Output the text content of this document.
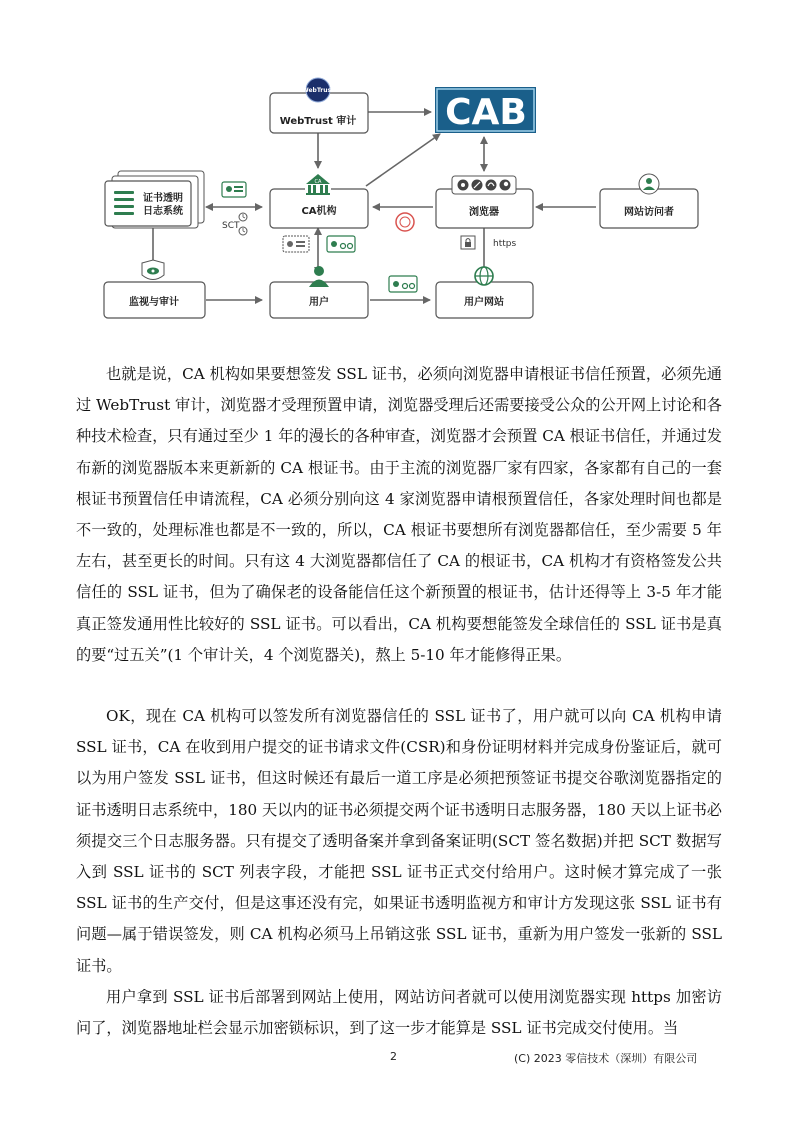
WebTrust
WebTrust 审计 CAB
CA
CA机构	浏览器	网站访问者
证书透明
日志系统
SCT
https
监视与审计	用户	用户网站

也就是说，CA 机构如果要想签发 SSL 证书，必须向浏览器申请根证书信任预置，必须先通过 WebTrust 审计，浏览器才受理预置申请，浏览器受理后还需要接受公众的公开网上讨论和各种技术检查，只有通过至少 1 年的漫长的各种审查，浏览器才会预置 CA 根证书信任，并通过发布新的浏览器版本来更新新的 CA 根证书。由于主流的浏览器厂家有四家，各家都有自己的一套根证书预置信任申请流程，CA 必须分别向这 4 家浏览器申请根预置信任，各家处理时间也都是不一致的，处理标准也都是不一致的，所以，CA 根证书要想所有浏览器都信任，至少需要 5 年左右，甚至更长的时间。只有这 4 大浏览器都信任了 CA 的根证书，CA 机构才有资格签发公共信任的 SSL 证书，但为了确保老的设备能信任这个新预置的根证书，估计还得等上 3-5 年才能真正签发通用性比较好的 SSL 证书。可以看出，CA 机构要想能签发全球信任的 SSL 证书是真的要“过五关”(1 个审计关，4 个浏览器关)，熬上 5-10 年才能修得正果。

OK，现在 CA 机构可以签发所有浏览器信任的 SSL 证书了，用户就可以向 CA 机构申请 SSL 证书，CA 在收到用户提交的证书请求文件(CSR)和身份证明材料并完成身份鉴证后，就可以为用户签发 SSL 证书，但这时候还有最后一道工序是必须把预签证书提交谷歌浏览器指定的证书透明日志系统中，180 天以内的证书必须提交两个证书透明日志服务器，180 天以上证书必须提交三个日志服务器。只有提交了透明备案并拿到备案证明(SCT 签名数据)并把 SCT 数据写入到 SSL 证书的 SCT 列表字段，才能把 SSL 证书正式交付给用户。这时候才算完成了一张 SSL 证书的生产交付，但是这事还没有完，如果证书透明监视方和审计方发现这张 SSL 证书有问题—属于错误签发，则 CA 机构必须马上吊销这张 SSL 证书，重新为用户签发一张新的 SSL 证书。

用户拿到 SSL 证书后部署到网站上使用，网站访问者就可以使用浏览器实现 https 加密访问了，浏览器地址栏会显示加密锁标识，到了这一步才能算是 SSL 证书完成交付使用。当

2	(C) 2023 零信技术（深圳）有限公司
